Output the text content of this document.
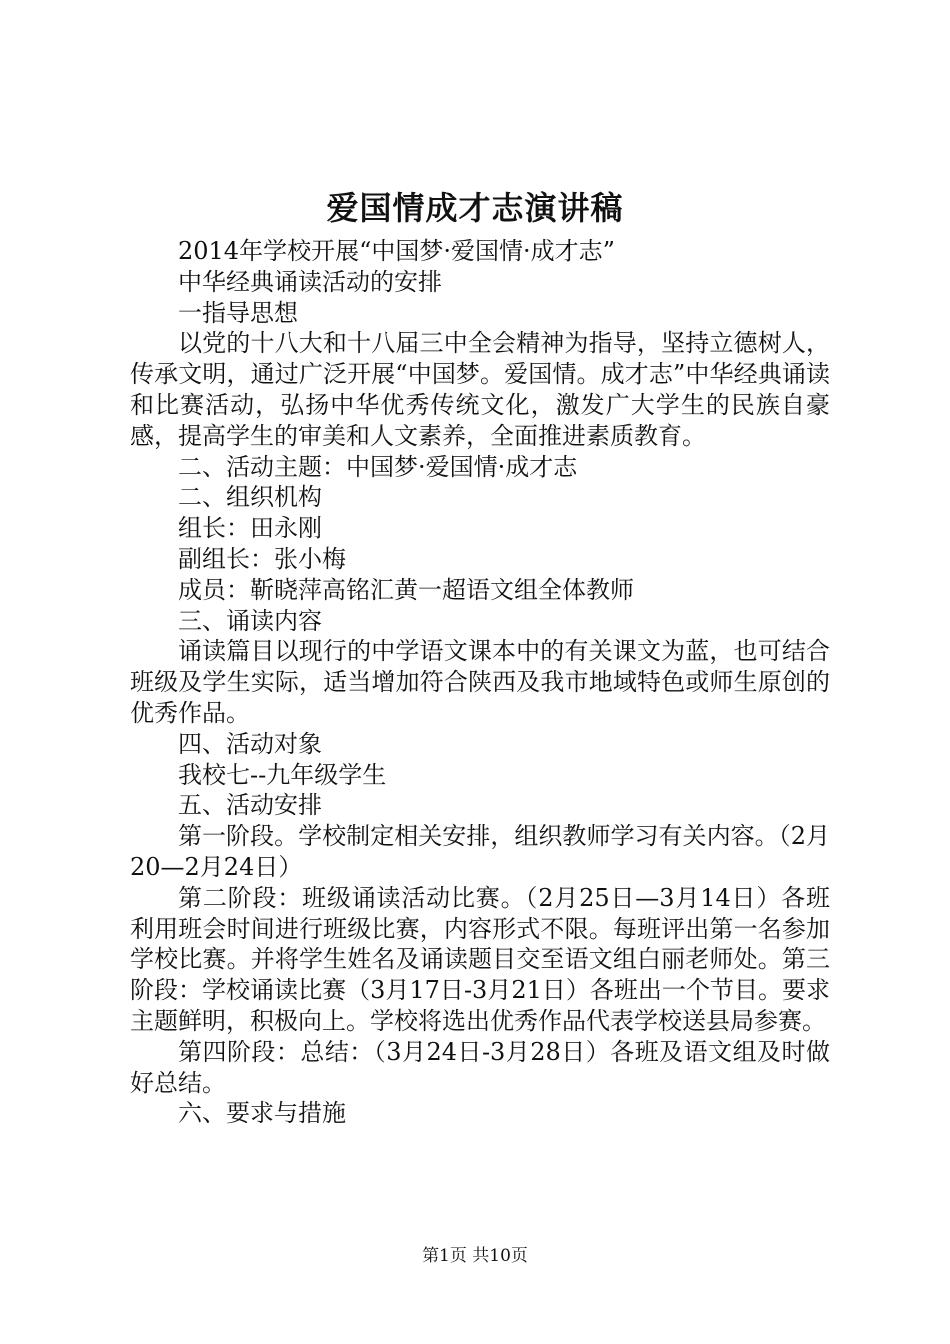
爱国情成才志演讲稿

2014年学校开展“中国梦·爱国情·成才志”

中华经典诵读活动的安排

一指导思想

以党的十八大和十八届三中全会精神为指导，坚持立德树人，传承文明，通过广泛开展“中国梦。爱国情。成才志”中华经典诵读和比赛活动，弘扬中华优秀传统文化，激发广大学生的民族自豪感，提高学生的审美和人文素养，全面推进素质教育。

二、活动主题：中国梦·爱国情·成才志

二、组织机构

组长：田永刚

副组长：张小梅

成员：靳晓萍高铭汇黄一超语文组全体教师

三、诵读内容

诵读篇目以现行的中学语文课本中的有关课文为蓝，也可结合班级及学生实际，适当增加符合陕西及我市地域特色或师生原创的优秀作品。

四、活动对象

我校七--九年级学生

五、活动安排

第一阶段。学校制定相关安排，组织教师学习有关内容。（2月20—2月24日）

第二阶段：班级诵读活动比赛。（2月25日—3月14日）各班利用班会时间进行班级比赛，内容形式不限。每班评出第一名参加学校比赛。并将学生姓名及诵读题目交至语文组白丽老师处。第三阶段：学校诵读比赛（3月17日-3月21日）各班出一个节目。要求主题鲜明，积极向上。学校将选出优秀作品代表学校送县局参赛。

第四阶段：总结：（3月24日-3月28日）各班及语文组及时做好总结。

六、要求与措施

第1页 共10页
